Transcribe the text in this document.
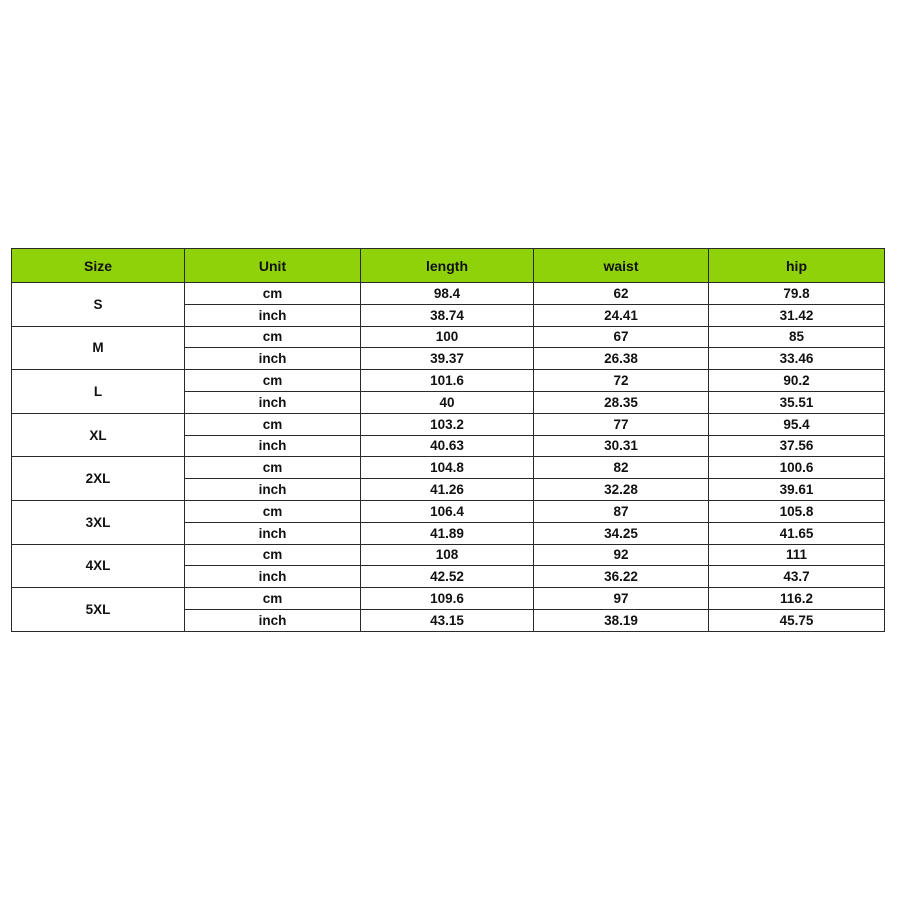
Size	Unit	length	waist	hip
S	cm	98.4	62	79.8
	inch	38.74	24.41	31.42
M	cm	100	67	85
	inch	39.37	26.38	33.46
L	cm	101.6	72	90.2
	inch	40	28.35	35.51
XL	cm	103.2	77	95.4
	inch	40.63	30.31	37.56
2XL	cm	104.8	82	100.6
	inch	41.26	32.28	39.61
3XL	cm	106.4	87	105.8
	inch	41.89	34.25	41.65
4XL	cm	108	92	111
	inch	42.52	36.22	43.7
5XL	cm	109.6	97	116.2
	inch	43.15	38.19	45.75
